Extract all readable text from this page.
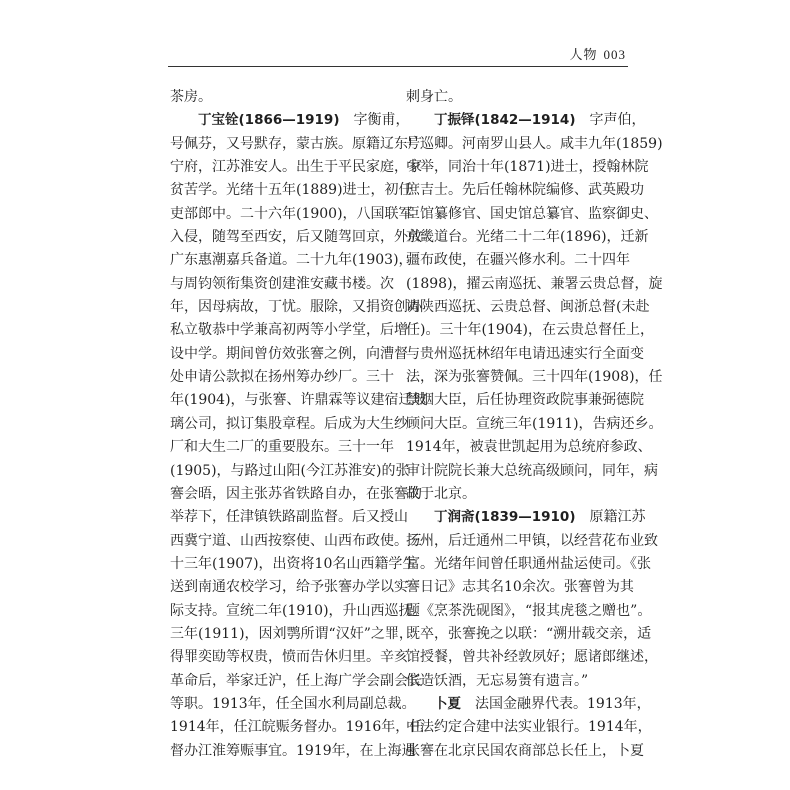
人物 003
茶房。
丁宝铨(1866—1919)　字衡甫，
号佩芬，又号默存，蒙古族。原籍辽东广
宁府，江苏淮安人。出生于平民家庭，家
贫苦学。光绪十五年(1889)进士，初任
吏部郎中。二十六年(1900)，八国联军
入侵，随驾至西安，后又随驾回京，外放
广东惠潮嘉兵备道。二十九年(1903)，
与周钧领衔集资创建淮安藏书楼。次
年，因母病故，丁忧。服除，又捐资创办
私立敬恭中学兼高初两等小学堂，后增
设中学。期间曾仿效张謇之例，向漕督
处申请公款拟在扬州筹办纱厂。三十
年(1904)，与张謇、许鼎霖等议建宿迁玻
璃公司，拟订集股章程。后成为大生纱
厂和大生二厂的重要股东。三十一年
(1905)，与路过山阳(今江苏淮安)的张
謇会晤，因主张苏省铁路自办，在张謇的
举荐下，任津镇铁路副监督。后又授山
西冀宁道、山西按察使、山西布政使。三
十三年(1907)，出资将10名山西籍学生
送到南通农校学习，给予张謇办学以实
际支持。宣统二年(1910)，升山西巡抚。
三年(1911)，因刘鹗所谓“汉奸”之罪，
得罪奕劻等权贵，愤而告休归里。辛亥
革命后，举家迁沪，任上海广学会副会长
等职。1913年，任全国水利局副总裁。
1914年，任江皖赈务督办。1916年，任
督办江淮筹赈事宜。1919年，在上海遇
刺身亡。
丁振铎(1842—1914)　字声伯，
号巡卿。河南罗山县人。咸丰九年(1859)
中举，同治十年(1871)进士，授翰林院
庶吉士。先后任翰林院编修、武英殿功
臣馆纂修官、国史馆总纂官、监察御史、
京畿道台。光绪二十二年(1896)，迁新
疆布政使，在疆兴修水利。二十四年
(1898)，擢云南巡抚、兼署云贵总督，旋
调陕西巡抚、云贵总督、闽浙总督(未赴
任)。三十年(1904)，在云贵总督任上，
与贵州巡抚林绍年电请迅速实行全面变
法，深为张謇赞佩。三十四年(1908)，任
禁烟大臣，后任协理资政院事兼弼德院
顾问大臣。宣统三年(1911)，告病还乡。
1914年，被袁世凯起用为总统府参政、
审计院院长兼大总统高级顾问，同年，病
故于北京。
丁润斋(1839—1910)　原籍江苏
扬州，后迁通州二甲镇，以经营花布业致
富。光绪年间曾任职通州盐运使司。《张
謇日记》志其名10余次。张謇曾为其
题《烹茶洗砚图》，“报其虎毯之赠也”。
既卒，张謇挽之以联：“溯卅载交亲，适
馆授餐，曾共补经敦夙好；愿诸郎继述，
傧造饫酒，无忘易箦有遗言。”
卜夏　法国金融界代表。1913年，
中法约定合建中法实业银行。1914年，
张謇在北京民国农商部总长任上，卜夏
